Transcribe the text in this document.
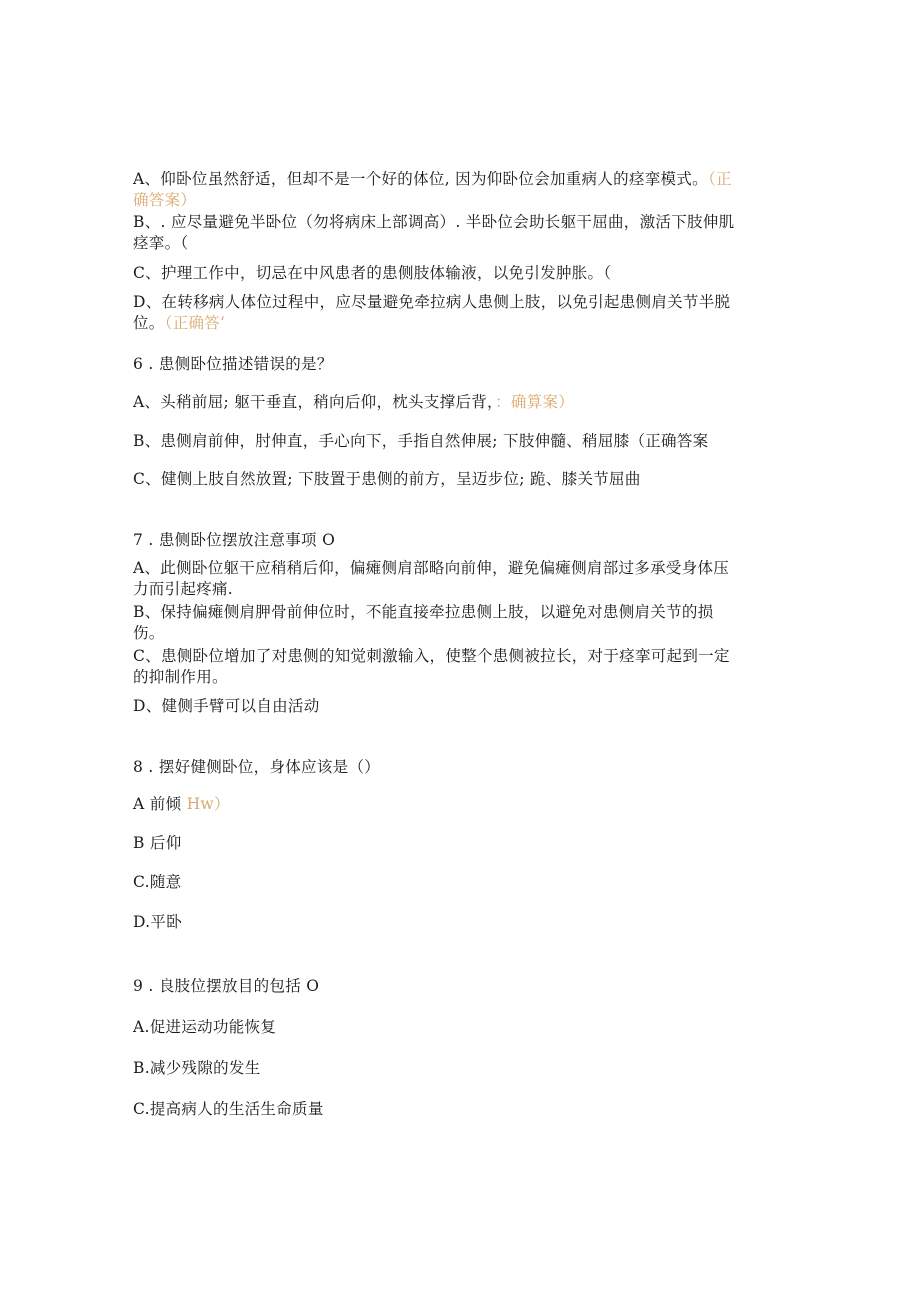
A、仰卧位虽然舒适，但却不是一个好的体位, 因为仰卧位会加重病人的痉挛模式。（正
确答案）
B、. 应尽量避免半卧位（勿将病床上部调高）. 半卧位会助长躯干屈曲，激活下肢伸肌
痉挛。（
C、护理工作中，切忌在中风患者的患侧肢体输液，以免引发肿胀。（
D、在转移病人体位过程中，应尽量避免牵拉病人患侧上肢，以免引起患侧肩关节半脱
位。（正确答‘
6 . 患侧卧位描述错误的是？
A、头稍前屈; 躯干垂直，稍向后仰，枕头支撑后背，：确算案）
B、患侧肩前伸，肘伸直，手心向下，手指自然伸展; 下肢伸髓、稍屈膝（正确答案
C、健侧上肢自然放置; 下肢置于患侧的前方，呈迈步位; 跪、膝关节屈曲
7 . 患侧卧位摆放注意事项 O
A、此侧卧位躯干应稍稍后仰，偏瘫侧肩部略向前伸，避免偏瘫侧肩部过多承受身体压
力而引起疼痛.
B、保持偏瘫侧肩胛骨前伸位时，不能直接牵拉患侧上肢，以避免对患侧肩关节的损
伤。
C、患侧卧位增加了对患侧的知觉刺激输入，使整个患侧被拉长，对于痉挛可起到一定
的抑制作用。
D、健侧手臂可以自由活动
8 . 摆好健侧卧位，身体应该是（）
A 前倾 Hw）
B 后仰
C.随意
D.平卧
9 . 良肢位摆放目的包括 O
A.促进运动功能恢复
B.减少残隙的发生
C.提高病人的生活生命质量
